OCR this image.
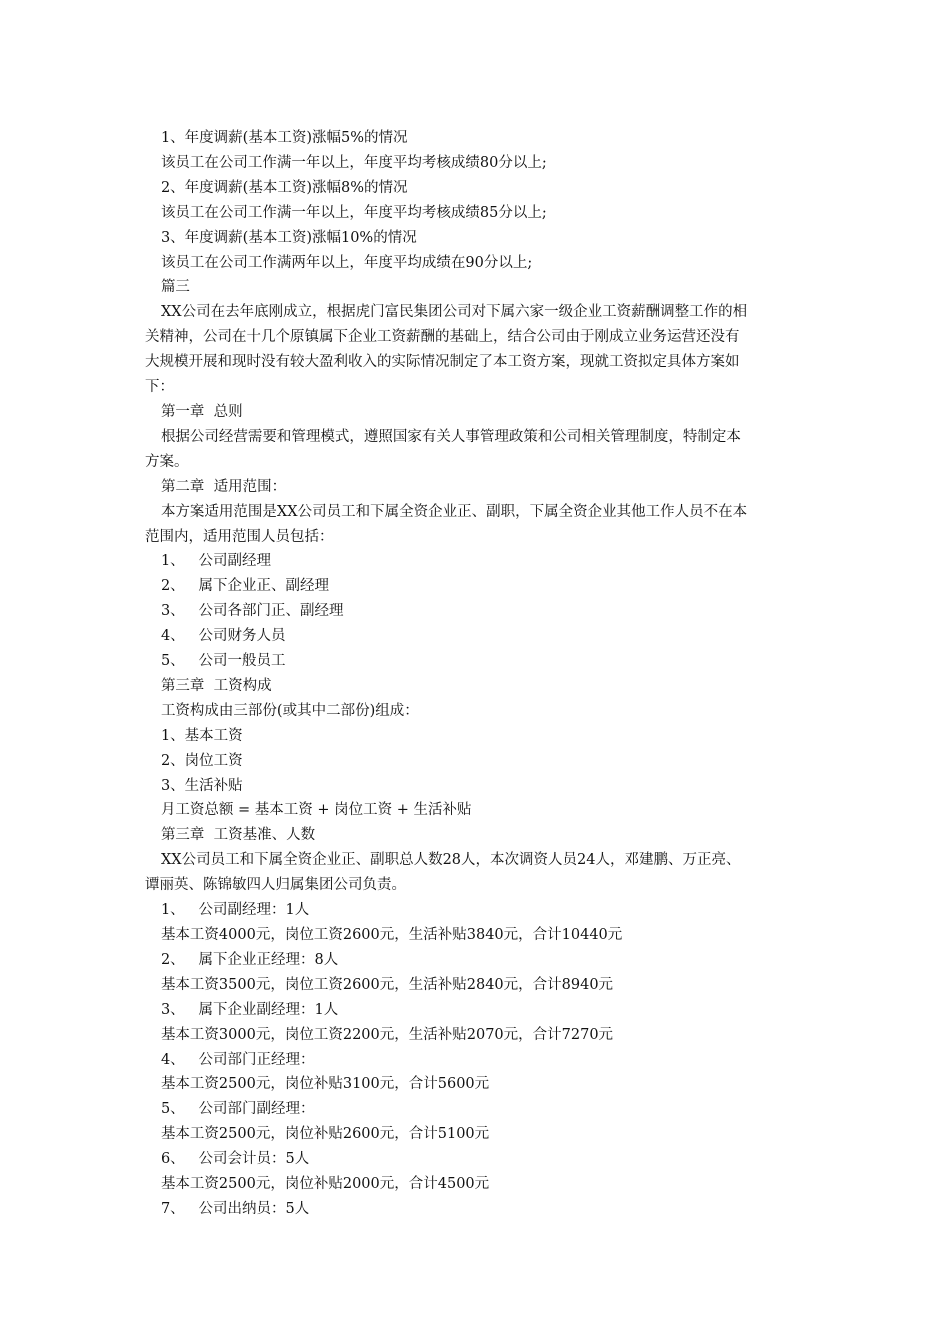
1、年度调薪(基本工资)涨幅5%的情况
该员工在公司工作满一年以上，年度平均考核成绩80分以上;
2、年度调薪(基本工资)涨幅8%的情况
该员工在公司工作满一年以上，年度平均考核成绩85分以上;
3、年度调薪(基本工资)涨幅10%的情况
该员工在公司工作满两年以上，年度平均成绩在90分以上;
篇三
XX公司在去年底刚成立，根据虎门富民集团公司对下属六家一级企业工资薪酬调整工作的相
关精神，公司在十几个原镇属下企业工资薪酬的基础上，结合公司由于刚成立业务运营还没有
大规模开展和现时没有较大盈利收入的实际情况制定了本工资方案，现就工资拟定具体方案如
下：
第一章  总则
根据公司经营需要和管理模式，遵照国家有关人事管理政策和公司相关管理制度，特制定本
方案。
第二章  适用范围：
本方案适用范围是XX公司员工和下属全资企业正、副职，下属全资企业其他工作人员不在本
范围内，适用范围人员包括：
1、   公司副经理
2、   属下企业正、副经理
3、   公司各部门正、副经理
4、   公司财务人员
5、   公司一般员工
第三章  工资构成
工资构成由三部份(或其中二部份)组成：
1、基本工资
2、岗位工资
3、生活补贴
月工资总额 = 基本工资 + 岗位工资 + 生活补贴
第三章  工资基准、人数
XX公司员工和下属全资企业正、副职总人数28人，本次调资人员24人，邓建鹏、万正亮、
谭丽英、陈锦敏四人归属集团公司负责。
1、   公司副经理：1人
基本工资4000元，岗位工资2600元，生活补贴3840元，合计10440元
2、   属下企业正经理：8人
基本工资3500元，岗位工资2600元，生活补贴2840元，合计8940元
3、   属下企业副经理：1人
基本工资3000元，岗位工资2200元，生活补贴2070元，合计7270元
4、   公司部门正经理：
基本工资2500元，岗位补贴3100元，合计5600元
5、   公司部门副经理：
基本工资2500元，岗位补贴2600元，合计5100元
6、   公司会计员：5人
基本工资2500元，岗位补贴2000元，合计4500元
7、   公司出纳员：5人
